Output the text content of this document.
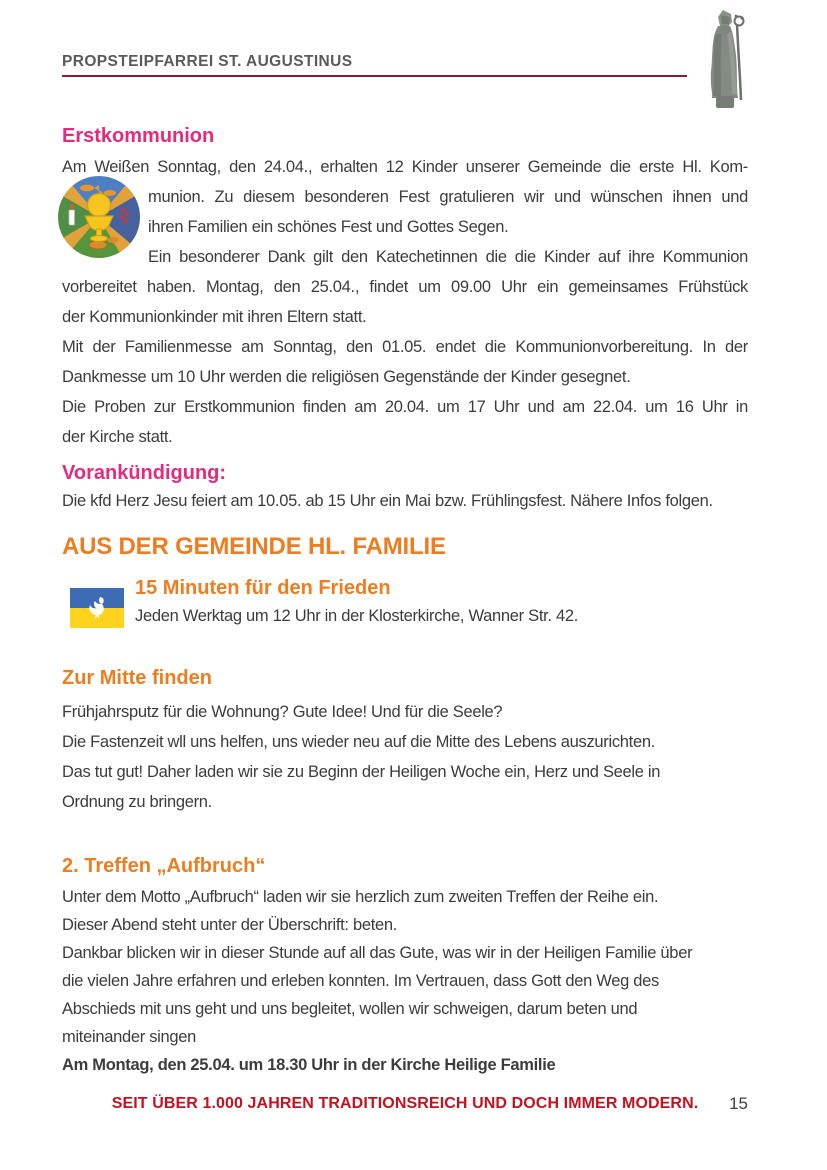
PROPSTEIPFARREI ST. AUGUSTINUS
Erstkommunion
Am Weißen Sonntag, den 24.04., erhalten 12 Kinder unserer Gemeinde die erste Hl. Kom-
munion. Zu diesem besonderen Fest gratulieren wir und wünschen ihnen und
ihren Familien ein schönes Fest und Gottes Segen.
Ein besonderer Dank gilt den Katechetinnen die die Kinder auf ihre Kommunion
vorbereitet haben. Montag, den 25.04., findet um 09.00 Uhr ein gemeinsames Frühstück
der Kommunionkinder mit ihren Eltern statt.
Mit der Familienmesse am Sonntag, den 01.05. endet die Kommunionvorbereitung. In der
Dankmesse um 10 Uhr werden die religiösen Gegenstände der Kinder gesegnet.
Die Proben zur Erstkommunion finden am 20.04. um 17 Uhr und am 22.04. um 16 Uhr in
der Kirche statt.
Vorankündigung:
Die kfd Herz Jesu feiert am 10.05. ab 15 Uhr ein Mai bzw. Frühlingsfest. Nähere Infos folgen.
AUS DER GEMEINDE HL. FAMILIE
15 Minuten für den Frieden
Jeden Werktag um 12 Uhr in der Klosterkirche, Wanner Str. 42.
Zur Mitte finden
Frühjahrsputz für die Wohnung? Gute Idee! Und für die Seele?
Die Fastenzeit wll uns helfen, uns wieder neu auf die Mitte des Lebens auszurichten.
Das tut gut! Daher laden wir sie zu Beginn der Heiligen Woche ein, Herz und Seele in
Ordnung zu bringern.
2. Treffen „Aufbruch“
Unter dem Motto „Aufbruch“ laden wir sie herzlich zum zweiten Treffen der Reihe ein.
Dieser Abend steht unter der Überschrift: beten.
Dankbar blicken wir in dieser Stunde auf all das Gute, was wir in der Heiligen Familie über
die vielen Jahre erfahren und erleben konnten. Im Vertrauen, dass Gott den Weg des
Abschieds mit uns geht und uns begleitet, wollen wir schweigen, darum beten und
miteinander singen
Am Montag, den 25.04. um 18.30 Uhr in der Kirche Heilige Familie
SEIT ÜBER 1.000 JAHREN TRADITIONSREICH UND DOCH IMMER MODERN.	15
